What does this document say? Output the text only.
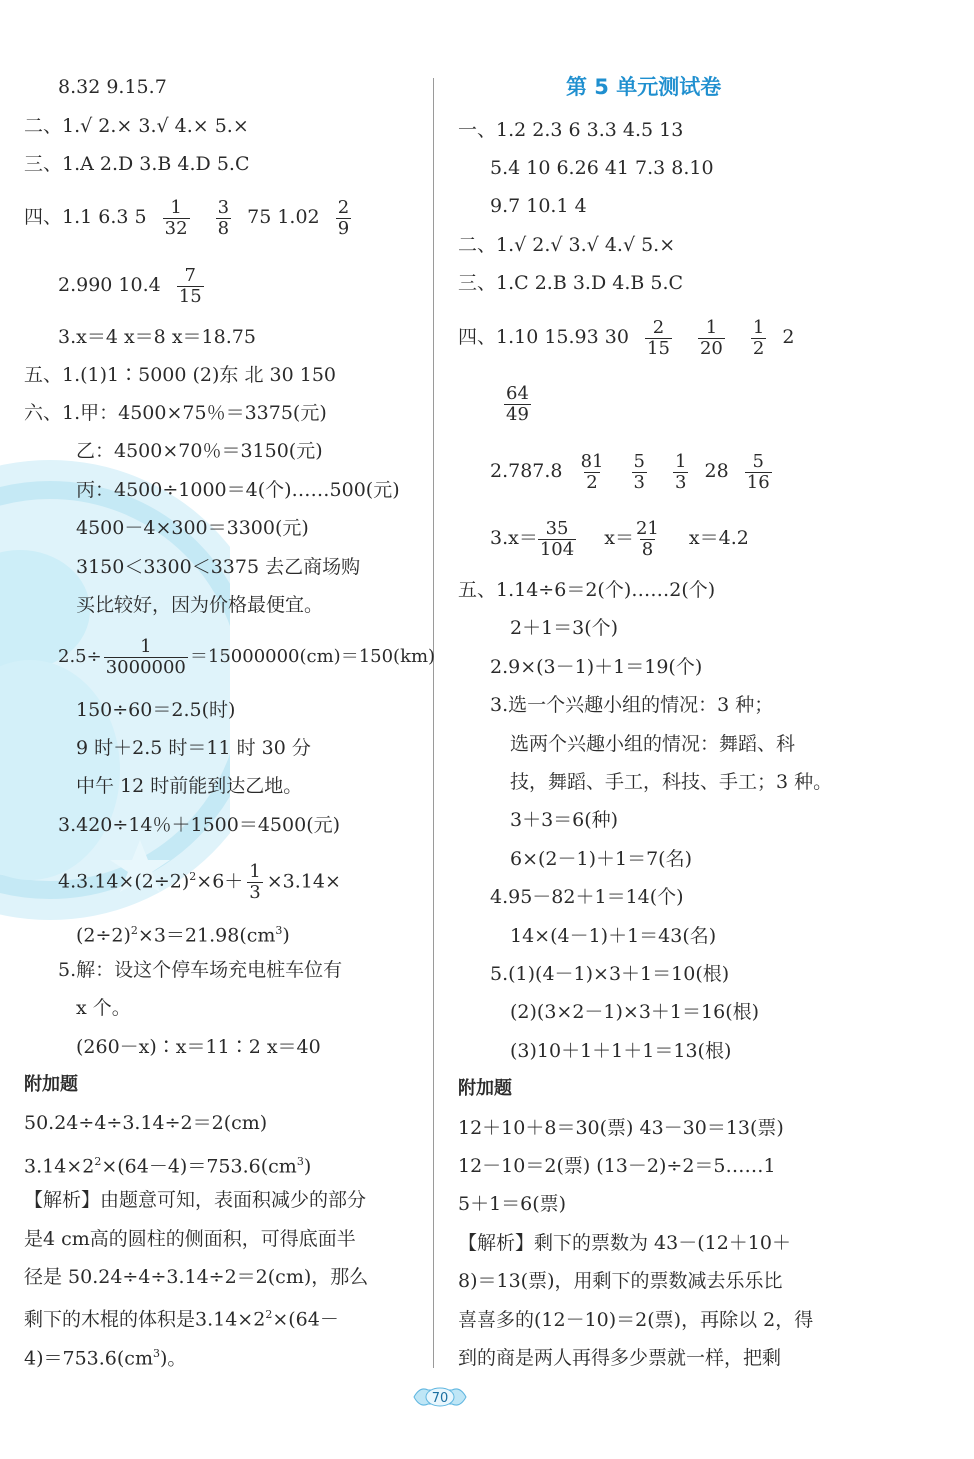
8.32 9.15.7
二、1.√ 2.× 3.√ 4.× 5.×
三、1.A 2.D 3.B 4.D 5.C
四、1.1 6.3 $5 \frac{1}{32}$
$\frac{3}{8} 75$ $1.02 \frac{2}{9}$
2.990 $10.4 \frac{7}{15}$
3.x＝4 x＝8 x＝18.75
五、1.(1)1∶5000 (2)东 北 30 150
六、1.甲：4500×75％＝3375(元)
乙：4500×70％＝3150(元)
丙：4500÷1000＝4(个)……500(元)
4500－4×300＝3300(元)
3150＜3300＜3375 去乙商场购
买比较好，因为价格最便宜。
$2.5\div \frac{1}{3000000} =15000000(cm)=150(km)$
150÷60＝2.5(时)
9 时＋2.5 时＝11 时 30 分
中午 12 时前能到达乙地。
3.420÷14％＋1500＝4500(元)
$4.3.14\times(2\div 2)^2\times 6+ \frac{1}{3} \times 3.14\times$
$(2\div 2)^2\times 3=21.98(cm^3)$
5.解：设这个停车场充电桩车位有
x 个。
(260－x)∶x＝11∶2 x＝40
附加题
50.24÷4÷3.14÷2＝2(cm)
$3.14\times 2^2\times(64-4)=753.6(cm^3)$
【解析】由题意可知，表面积减少的部分
是4 cm高的圆柱的侧面积，可得底面半
径是 50.24÷4÷3.14÷2＝2(cm)，那么
剩下的木棍的体积是$3.14\times 2^2\times(64-$
$4)=753.6(cm^3)$。
第 5 单元测试卷
一、1.2 2.3 6 3.3 4.5 13
5.4 10 6.26 41 7.3 8.10
9.7 10.1 4
二、1.√ 2.√ 3.√ 4.√ 5.×
三、1.C 2.B 3.D 4.B 5.C
四、1.10 15.93 $30 \frac{2}{15}$
$\frac{1}{20}$
$\frac{1}{2} 2$
$\frac{64}{49}$
$2.787.8 \frac{81}{2}$
$\frac{5}{3}$
$\frac{1}{3} 28 \frac{5}{16}$
$3.x= \frac{35}{104} x= \frac{21}{8} x=4.2$
五、1.14÷6＝2(个)……2(个)
2＋1＝3(个)
2.9×(3－1)＋1＝19(个)
3.选一个兴趣小组的情况：3 种；
选两个兴趣小组的情况：舞蹈、科
技，舞蹈、手工，科技、手工；3 种。
3＋3＝6(种)
6×(2－1)＋1＝7(名)
4.95－82＋1＝14(个)
14×(4－1)＋1＝43(名)
5.(1)(4－1)×3＋1＝10(根)
(2)(3×2－1)×3＋1＝16(根)
(3)10＋1＋1＋1＝13(根)
附加题
12＋10＋8＝30(票) 43－30＝13(票)
12－10＝2(票) (13－2)÷2＝5……1
5＋1＝6(票)
【解析】剩下的票数为 43－(12＋10＋
8)＝13(票)，用剩下的票数减去乐乐比
喜喜多的(12－10)＝2(票)，再除以 2，得
到的商是两人再得多少票就一样，把剩
70
